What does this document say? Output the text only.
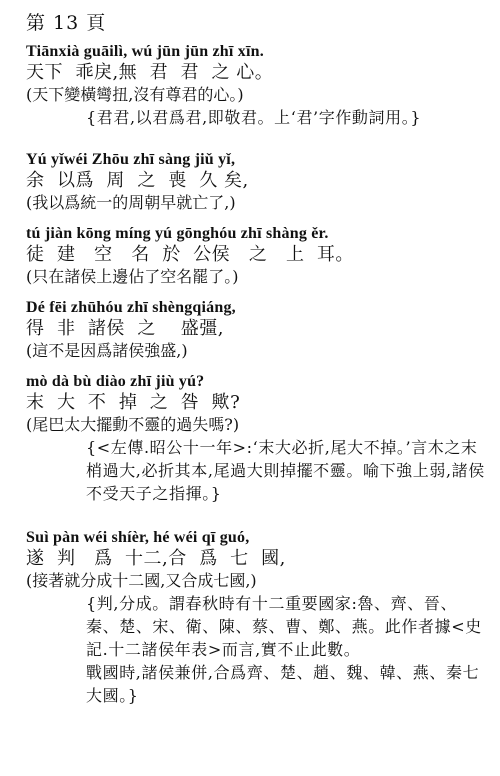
第 13 頁
Tiānxià guāilì, wú jūn jūn zhī xīn.
天下  乖戾,無  君  君  之 心。
(天下變橫彎扭,沒有尊君的心。)
{君君,以君爲君,即敬君。上‘君’字作動詞用。}
Yú yǐwéi Zhōu zhī sàng jiǔ yǐ,
余  以爲  周  之  喪  久 矣,
(我以爲統一的周朝早就亡了,)
tú jiàn kōng míng yú gōnghóu zhī shàng ěr.
徒  建   空   名  於  公侯   之   上  耳。
(只在諸侯上邊佔了空名罷了。)
Dé fēi zhūhóu zhī shèngqiáng,
得  非  諸侯  之    盛彊,
(這不是因爲諸侯強盛,)
mò dà bù diào zhī jiù yú?
末  大  不  掉  之  咎  歟?
(尾巴太大擺動不靈的過失嗎?)
{<左傳.昭公十一年>:‘末大必折,尾大不掉。’言木之末梢過大,必折其本,尾過大則掉擺不靈。喻下強上弱,諸侯不受天子之指揮。}
Suì pàn wéi shíèr, hé wéi qī guó,
遂  判   爲  十二,合  爲  七  國,
(接著就分成十二國,又合成七國,)
{判,分成。謂春秋時有十二重要國家:魯、齊、晉、秦、楚、宋、衛、陳、蔡、曹、鄭、燕。此作者據<史記.十二諸侯年表>而言,實不止此數。
戰國時,諸侯兼併,合爲齊、楚、趙、魏、韓、燕、秦七大國。}
